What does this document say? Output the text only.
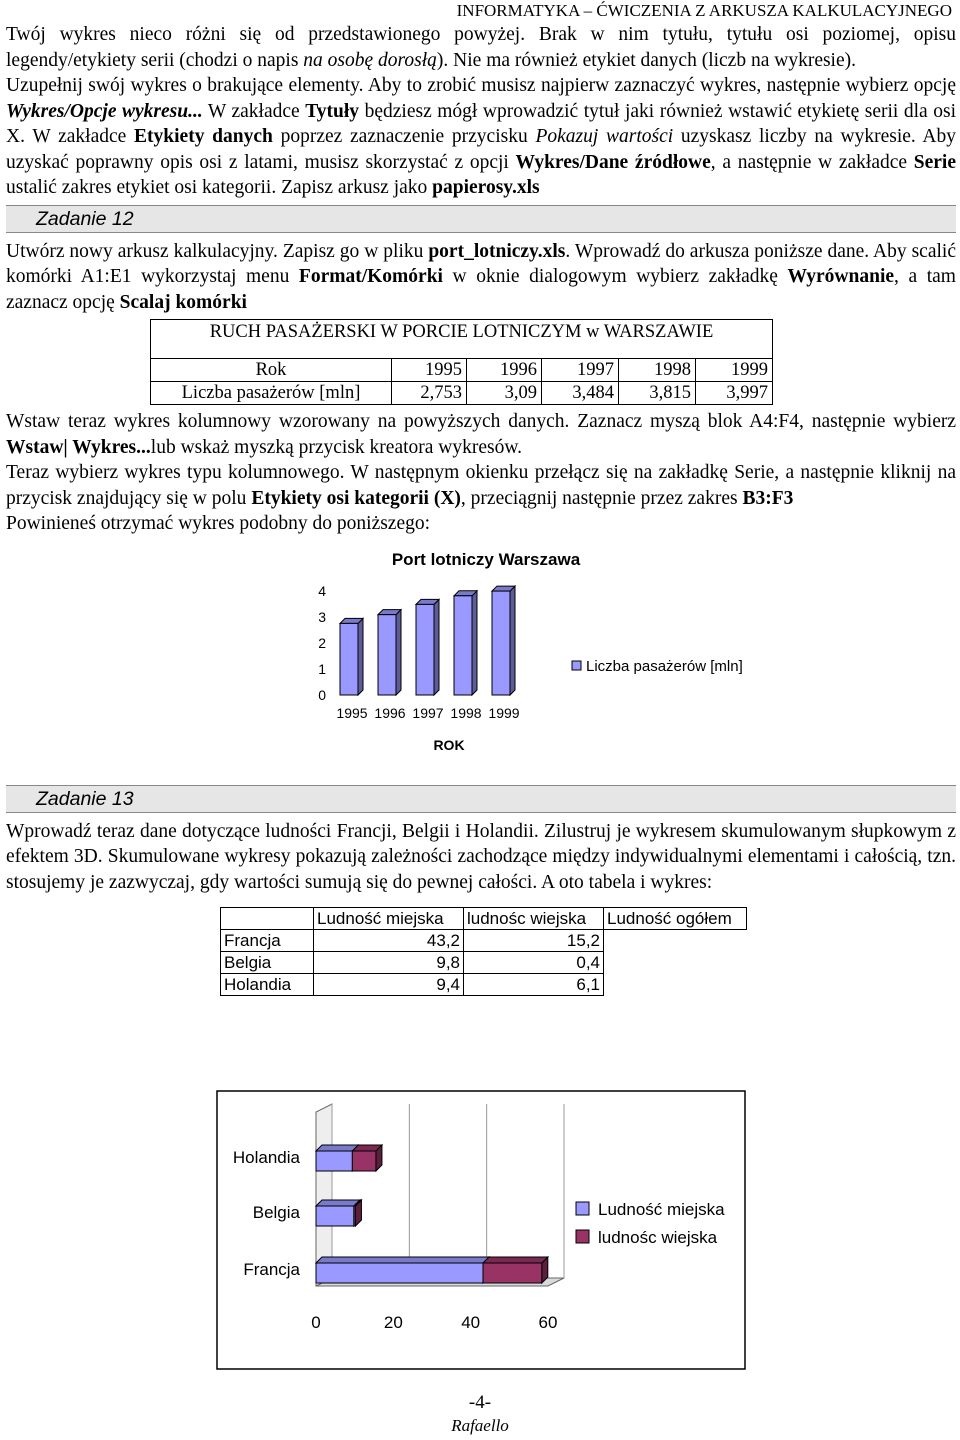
INFORMATYKA – ĆWICZENIA Z ARKUSZA KALKULACYJNEGO

Twój wykres nieco różni się od przedstawionego powyżej. Brak w nim tytułu, tytułu osi poziomej, opisu legendy/etykiety serii (chodzi o napis na osobę dorosłą). Nie ma również etykiet danych (liczb na wykresie).

Uzupełnij swój wykres o brakujące elementy. Aby to zrobić musisz najpierw zaznaczyć wykres, następnie wybierz opcję Wykres/Opcje wykresu... W zakładce Tytuły będziesz mógł wprowadzić tytuł jaki również wstawić etykietę serii dla osi X. W zakładce Etykiety danych poprzez zaznaczenie przycisku Pokazuj wartości uzyskasz liczby na wykresie. Aby uzyskać poprawny opis osi z latami, musisz skorzystać z opcji Wykres/Dane źródłowe, a następnie w zakładce Serie ustalić zakres etykiet osi kategorii. Zapisz arkusz jako papierosy.xls

Zadanie 12

Utwórz nowy arkusz kalkulacyjny. Zapisz go w pliku port_lotniczy.xls. Wprowadź do arkusza poniższe dane. Aby scalić komórki A1:E1 wykorzystaj menu Format/Komórki w oknie dialogowym wybierz zakładkę Wyrównanie, a tam zaznacz opcję Scalaj komórki

RUCH PASAŻERSKI W PORCIE LOTNICZYM w WARSZAWIE					

Rok	1995	1996	1997	1998	1999
Liczba pasażerów [mln]	2,753	3,09	3,484	3,815	3,997

Wstaw teraz wykres kolumnowy wzorowany na powyższych danych. Zaznacz myszą blok A4:F4, następnie wybierz Wstaw| Wykres...lub wskaż myszką przycisk kreatora wykresów.

Teraz wybierz wykres typu kolumnowego. W następnym okienku przełącz się na zakładkę Serie, a następnie kliknij na przycisk znajdujący się w polu Etykiety osi kategorii (X), przeciągnij następnie przez zakres B3:F3

Powinieneś otrzymać wykres podobny do poniższego:

Port lotniczy Warszawa
0
1
2
3
4
1995 1996 1997 1998 1999
ROK
Liczba pasażerów [mln]
Zadanie 13

Wprowadź teraz dane dotyczące ludności Francji, Belgii i Holandii. Zilustruj je wykresem skumulowanym słupkowym z efektem 3D. Skumulowane wykresy pokazują zależności zachodzące między indywidualnymi elementami i całością, tzn. stosujemy je zazwyczaj, gdy wartości sumują się do pewnej całości. A oto tabela i wykres:

	Ludność miejska	ludnośc wiejska	Ludność ogółem
Francja	43,2	15,2	
Belgia	9,8	0,4	
Holandia	9,4	6,1	
0	20	40	60
Francja
Belgia
Holandia
Ludność miejska
ludnośc wiejska
-4-
Rafaello
